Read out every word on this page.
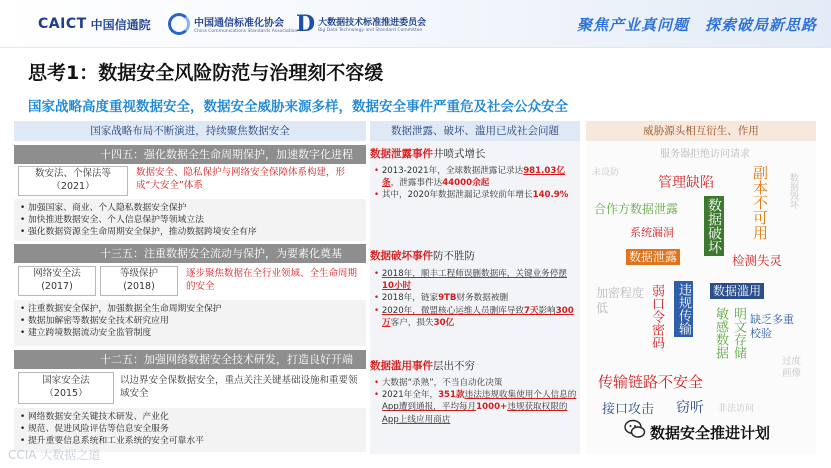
CAICT 中国信通院	中国通信标准化协会
China Communications Standards Association
D 大数据技术标准推进委员会
Big Data Technology and Standard Committee	聚焦产业真问题　探索破局新思路
思考1：数据安全风险防范与治理刻不容缓
国家战略高度重视数据安全，数据安全威胁来源多样，数据安全事件严重危及社会公众安全
国家战略布局不断演进，持续聚焦数据安全	数据泄露、破坏、滥用已成社会问题	威胁源头相互衍生、作用
十四五：强化数据全生命周期保护，加速数字化进程
数安法、个保法等
（2021）
数据安全、隐私保护与网络安全保障体系构建，形成“大安全”体系
• 加强国家、商业、个人隐私数据安全保护
• 加快推进数据安全、个人信息保护等领域立法
• 强化数据资源全生命周期安全保护，推动数据跨境安全有序
十三五：注重数据安全流动与保护，为要素化奠基
网络安全法
(2017)
等级保护
(2018)
逐步聚焦数据在全行业领域、全生命周期的安全
• 注重数据安全保护，加强数据全生命周期安全保护
• 数据加解密等数据安全技术研究应用
• 建立跨境数据流动安全监管制度
十二五：加强网络数据安全技术研发，打造良好开端
国家安全法
（2015）
以边界安全保数据安全，重点关注关键基础设施和重要领域安全
• 网络数据安全关键技术研发、产业化
• 规范、促进风险评估等信息安全服务
• 提升重要信息系统和工业系统的安全可靠水平
数据泄露事件井喷式增长
• 2013-2021年，全球数据泄露记录达981.03亿条，泄露事件达44000余起
• 其中，2020年数据泄漏记录较前年增长140.9%
数据破坏事件防不胜防
• 2018年，顺丰工程师误删数据库，关键业务停摆10小时
• 2018年，链家9TB财务数据被删
• 2020年，微盟核心运维人员删库导致7天影响300万客户，损失30亿
数据滥用事件层出不穷
• 大数据“杀熟”，不当自动化决策
• 2021年全年，351款违法违规收集使用个人信息的App遭到通报，平均每月1000+违规获取权限的App上线应用商店
服务器拒绝访问请求
未设防
管理缺陷 副本不可用 数据毁坏
合作方数据泄露 数据破坏
系统漏洞
数据泄露	检测失灵
加密程度低	弱口令密码 违规传输 数据滥用
敏感数据 明文存储 缺乏多重校验
过度画像
传输链路不安全
接口攻击 窃听 非法访问
数据安全推进计划
CCIA 大数据之道
